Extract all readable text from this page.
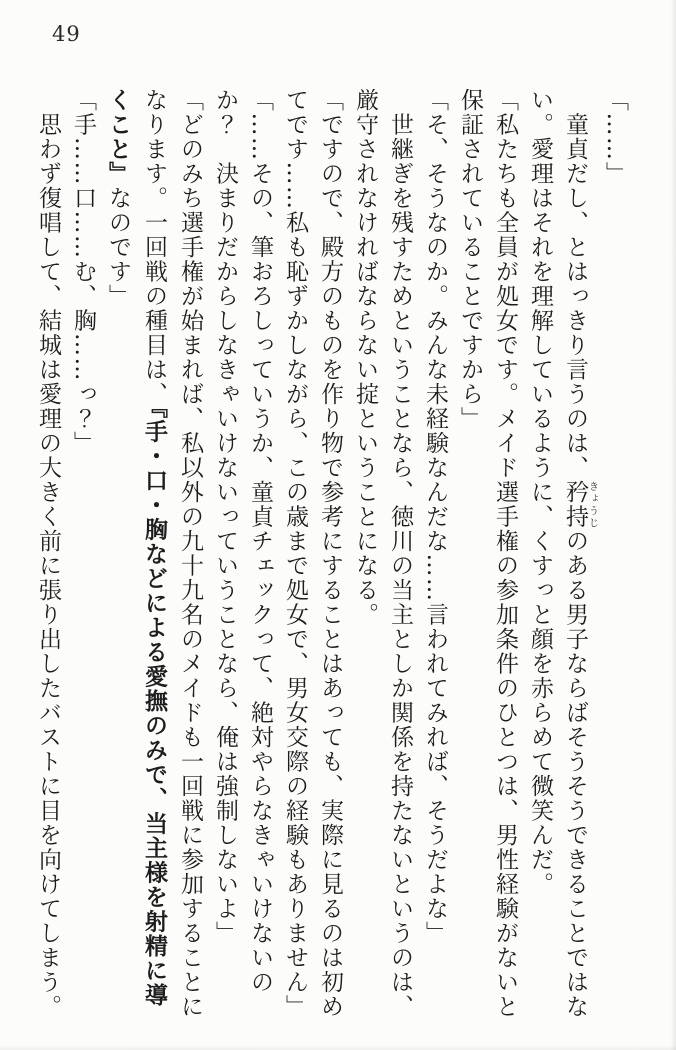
49
「……」
　童貞だし、とはっきり言うのは、矜持きょうじのある男子ならばそうそうできることではな
い。愛理はそれを理解しているように、くすっと顔を赤らめて微笑んだ。
「私たちも全員が処女です。メイド選手権の参加条件のひとつは、男性経験がないと
保証されていることですから」
「そ、そうなのか。みんな未経験なんだな……言われてみれば、そうだよな」
　世継ぎを残すためということなら、徳川の当主としか関係を持たないというのは、
厳守されなければならない掟ということになる。
「ですので、殿方のものを作り物で参考にすることはあっても、実際に見るのは初め
てです……私も恥ずかしながら、この歳まで処女で、男女交際の経験もありません」
「……その、筆おろしっていうか、童貞チェックって、絶対やらなきゃいけないの
か？　決まりだからしなきゃいけないっていうことなら、俺は強制しないよ」
「どのみち選手権が始まれば、私以外の九十九名のメイドも一回戦に参加することに
なります。一回戦の種目は、『手・口・胸などによる愛撫のみで、当主様を射精に導
くこと』なのです」
「手……口……む、胸……っ？」
　思わず復唱して、結城は愛理の大きく前に張り出したバストに目を向けてしまう。
